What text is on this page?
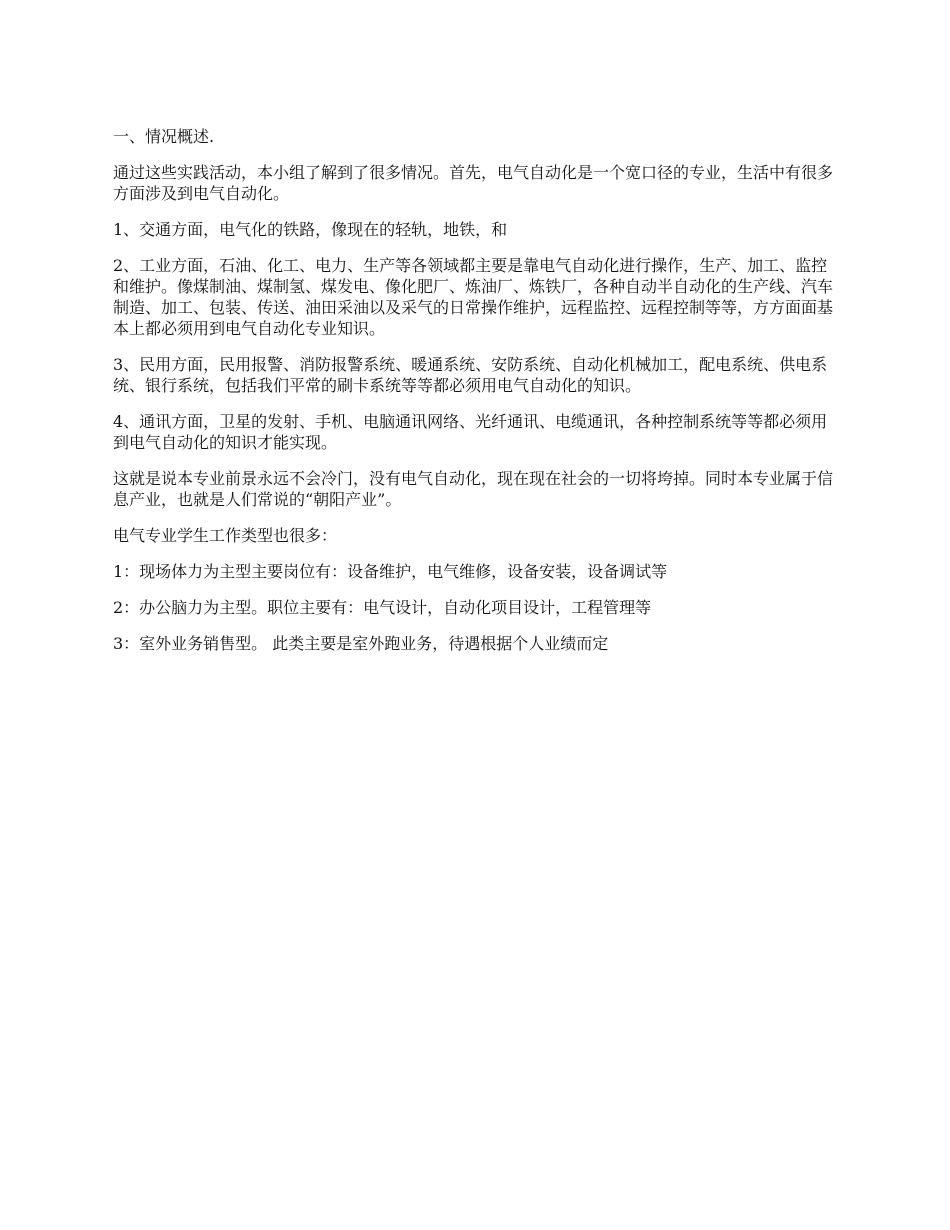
一、情况概述.

通过这些实践活动，本小组了解到了很多情况。首先，电气自动化是一个宽口径的专业，生活中有很多方面涉及到电气自动化。

1、交通方面，电气化的铁路，像现在的轻轨，地铁，和

2、工业方面，石油、化工、电力、生产等各领域都主要是靠电气自动化进行操作，生产、加工、监控和维护。像煤制油、煤制氢、煤发电、像化肥厂、炼油厂、炼铁厂，各种自动半自动化的生产线、汽车制造、加工、包装、传送、油田采油以及采气的日常操作维护，远程监控、远程控制等等，方方面面基本上都必须用到电气自动化专业知识。

3、民用方面，民用报警、消防报警系统、暖通系统、安防系统、自动化机械加工，配电系统、供电系统、银行系统，包括我们平常的刷卡系统等等都必须用电气自动化的知识。

4、通讯方面，卫星的发射、手机、电脑通讯网络、光纤通讯、电缆通讯，各种控制系统等等都必须用到电气自动化的知识才能实现。

这就是说本专业前景永远不会冷门，没有电气自动化，现在现在社会的一切将垮掉。同时本专业属于信息产业，也就是人们常说的“朝阳产业”。

电气专业学生工作类型也很多：

1：现场体力为主型主要岗位有：设备维护，电气维修，设备安装，设备调试等

2：办公脑力为主型。职位主要有：电气设计，自动化项目设计，工程管理等

3：室外业务销售型。 此类主要是室外跑业务，待遇根据个人业绩而定
